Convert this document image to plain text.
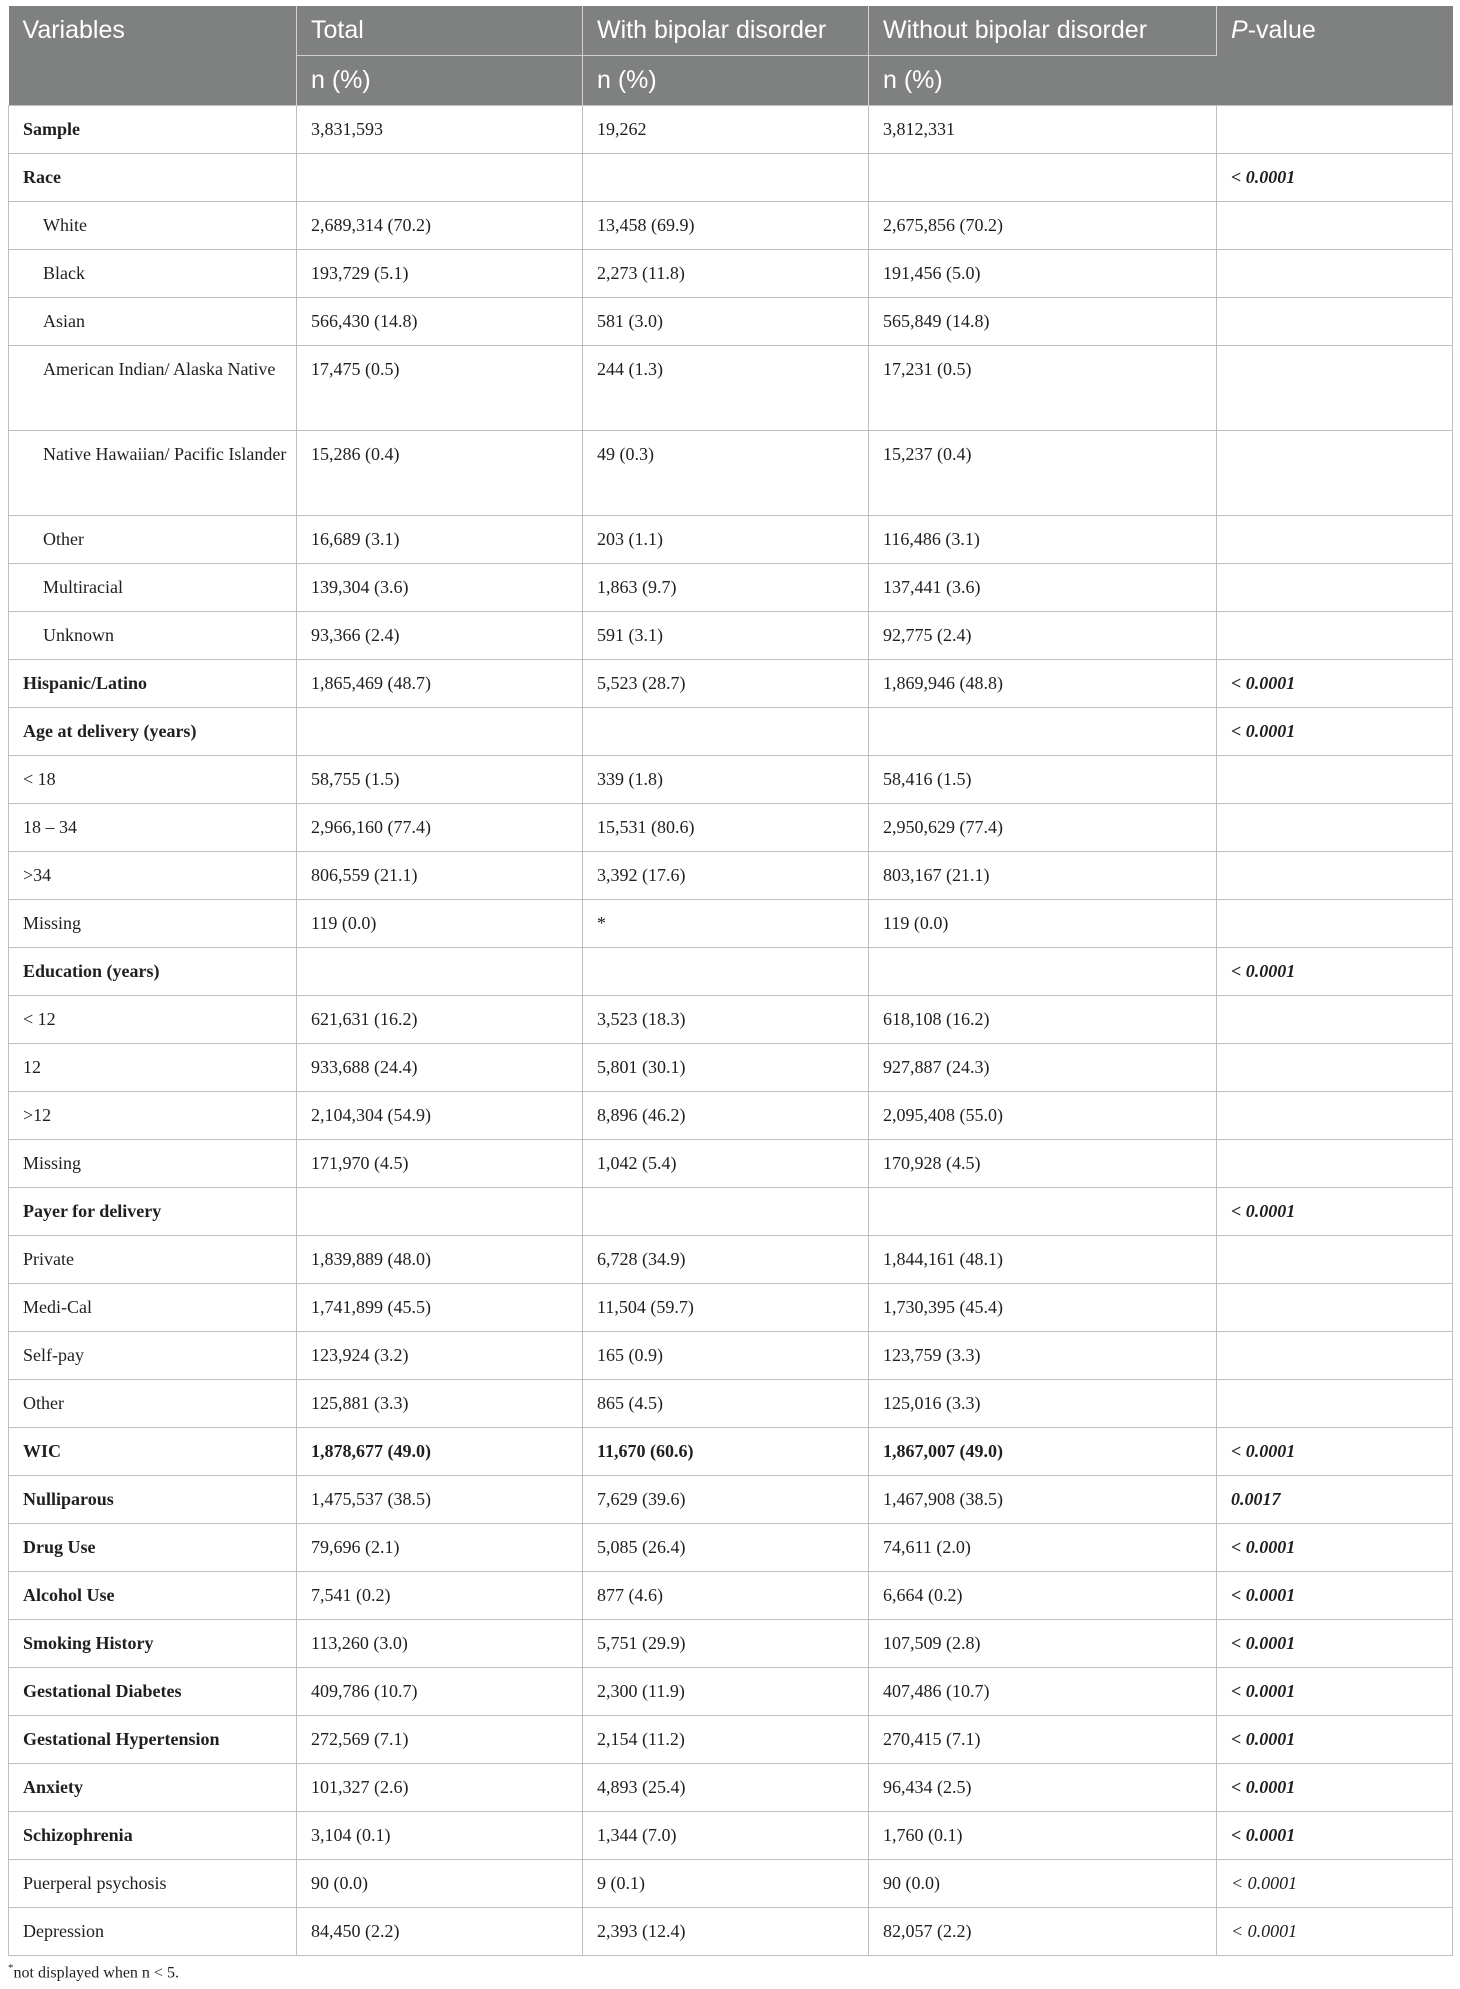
Variables	Total	With bipolar disorder	Without bipolar disorder	P-value
	n (%)	n (%)	n (%)	
Sample	3,831,593	19,262	3,812,331	
Race				< 0.0001
White	2,689,314 (70.2)	13,458 (69.9)	2,675,856 (70.2)	
Black	193,729 (5.1)	2,273 (11.8)	191,456 (5.0)	
Asian	566,430 (14.8)	581 (3.0)	565,849 (14.8)	
American Indian/ Alaska Native	17,475 (0.5)	244 (1.3)	17,231 (0.5)	
Native Hawaiian/ Pacific Islander	15,286 (0.4)	49 (0.3)	15,237 (0.4)	
Other	16,689 (3.1)	203 (1.1)	116,486 (3.1)	
Multiracial	139,304 (3.6)	1,863 (9.7)	137,441 (3.6)	
Unknown	93,366 (2.4)	591 (3.1)	92,775 (2.4)	
Hispanic/Latino	1,865,469 (48.7)	5,523 (28.7)	1,869,946 (48.8)	< 0.0001
Age at delivery (years)				< 0.0001
< 18	58,755 (1.5)	339 (1.8)	58,416 (1.5)	
18 – 34	2,966,160 (77.4)	15,531 (80.6)	2,950,629 (77.4)	
>34	806,559 (21.1)	3,392 (17.6)	803,167 (21.1)	
Missing	119 (0.0)	*	119 (0.0)	
Education (years)				< 0.0001
< 12	621,631 (16.2)	3,523 (18.3)	618,108 (16.2)	
12	933,688 (24.4)	5,801 (30.1)	927,887 (24.3)	
>12	2,104,304 (54.9)	8,896 (46.2)	2,095,408 (55.0)	
Missing	171,970 (4.5)	1,042 (5.4)	170,928 (4.5)	
Payer for delivery				< 0.0001
Private	1,839,889 (48.0)	6,728 (34.9)	1,844,161 (48.1)	
Medi-Cal	1,741,899 (45.5)	11,504 (59.7)	1,730,395 (45.4)	
Self-pay	123,924 (3.2)	165 (0.9)	123,759 (3.3)	
Other	125,881 (3.3)	865 (4.5)	125,016 (3.3)	
WIC	1,878,677 (49.0)	11,670 (60.6)	1,867,007 (49.0)	< 0.0001
Nulliparous	1,475,537 (38.5)	7,629 (39.6)	1,467,908 (38.5)	0.0017
Drug Use	79,696 (2.1)	5,085 (26.4)	74,611 (2.0)	< 0.0001
Alcohol Use	7,541 (0.2)	877 (4.6)	6,664 (0.2)	< 0.0001
Smoking History	113,260 (3.0)	5,751 (29.9)	107,509 (2.8)	< 0.0001
Gestational Diabetes	409,786 (10.7)	2,300 (11.9)	407,486 (10.7)	< 0.0001
Gestational Hypertension	272,569 (7.1)	2,154 (11.2)	270,415 (7.1)	< 0.0001
Anxiety	101,327 (2.6)	4,893 (25.4)	96,434 (2.5)	< 0.0001
Schizophrenia	3,104 (0.1)	1,344 (7.0)	1,760 (0.1)	< 0.0001
Puerperal psychosis	90 (0.0)	9 (0.1)	90 (0.0)	< 0.0001
Depression	84,450 (2.2)	2,393 (12.4)	82,057 (2.2)	< 0.0001
*not displayed when n < 5.
